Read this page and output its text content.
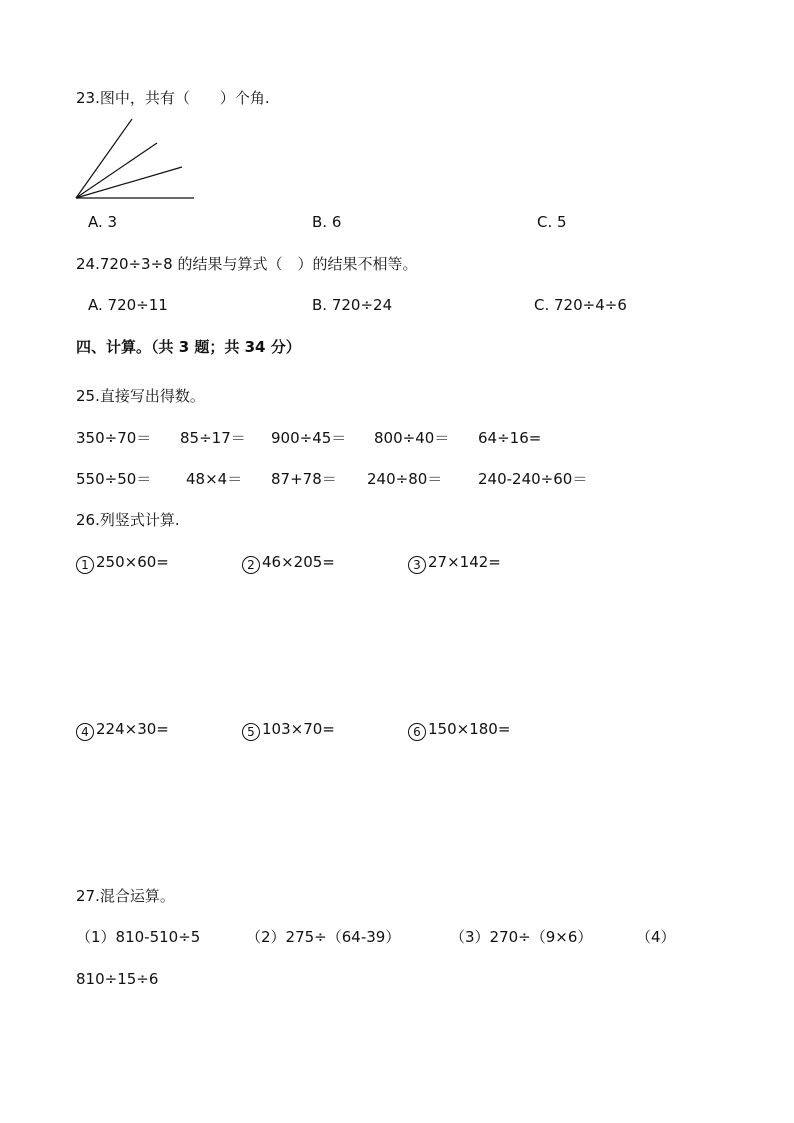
23.图中，共有（　　）个角.
A. 3	B. 6	C. 5
24.720÷3÷8 的结果与算式（　）的结果不相等。
A. 720÷11	B. 720÷24	C. 720÷4÷6
四、计算。（共 3 题；共 34 分）
25.直接写出得数。
350÷70＝ 85÷17＝ 900÷45＝ 800÷40＝ 64÷16=
550÷50＝ 48×4＝ 87+78＝ 240÷80＝ 240-240÷60＝
26.列竖式计算.
1 250×60=	2 46×205=	3 27×142=
4 224×30=	5 103×70=	6 150×180=
27.混合运算。
（1）810-510÷5	（2）275÷（64-39）	（3）270÷（9×6）	（4）
810÷15÷6
